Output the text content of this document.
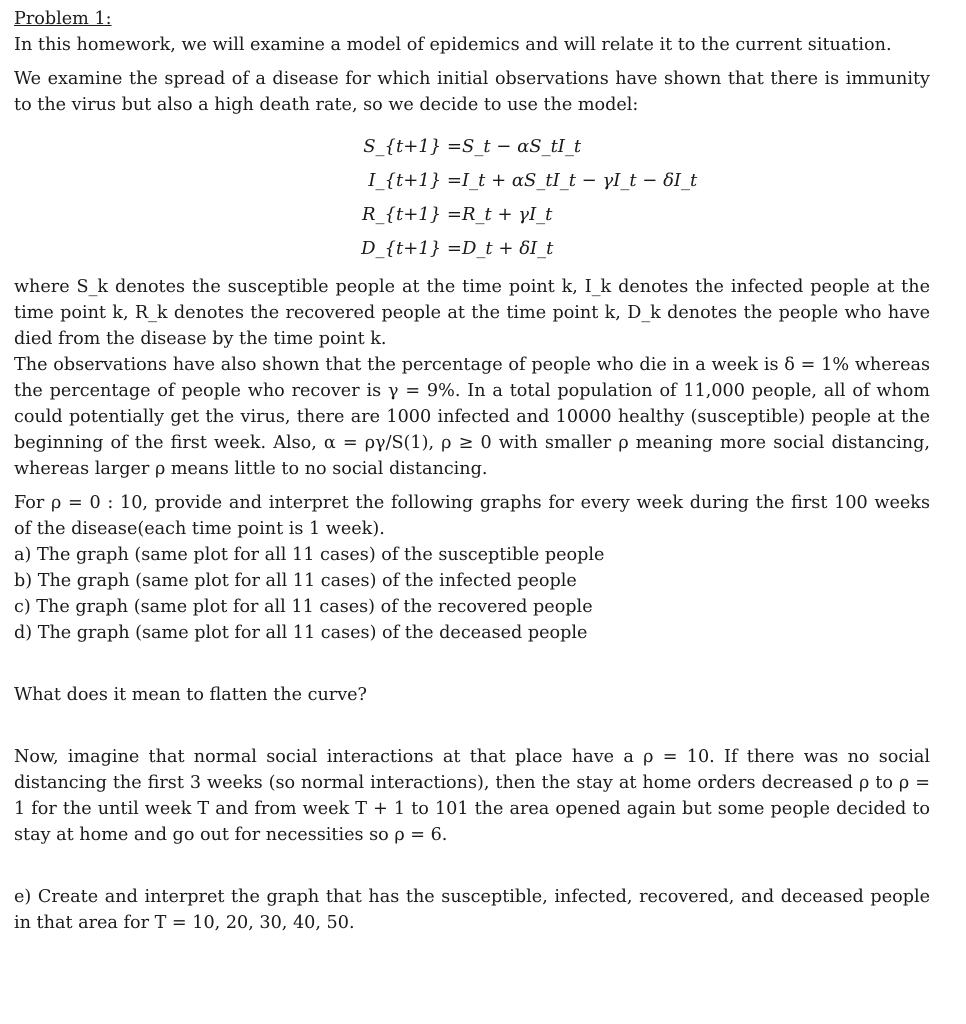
Problem 1:

In this homework, we will examine a model of epidemics and will relate it to the current situation.

We examine the spread of a disease for which initial observations have shown that there is immunity to the virus but also a high death rate, so we decide to use the model:

S_{t+1} = S_t − αS_tI_t
I_{t+1} = I_t + αS_tI_t − γI_t − δI_t
R_{t+1} = R_t + γI_t
D_{t+1} = D_t + δI_t

where S_k denotes the susceptible people at the time point k, I_k denotes the infected people at the time point k, R_k denotes the recovered people at the time point k, D_k denotes the people who have died from the disease by the time point k.

The observations have also shown that the percentage of people who die in a week is δ = 1% whereas the percentage of people who recover is γ = 9%. In a total population of 11,000 people, all of whom could potentially get the virus, there are 1000 infected and 10000 healthy (susceptible) people at the beginning of the first week. Also, α = ργ/S(1), ρ ≥ 0 with smaller ρ meaning more social distancing, whereas larger ρ means little to no social distancing.

For ρ = 0 : 10, provide and interpret the following graphs for every week during the first 100 weeks of the disease(each time point is 1 week).

a) The graph (same plot for all 11 cases) of the susceptible people

b) The graph (same plot for all 11 cases) of the infected people

c) The graph (same plot for all 11 cases) of the recovered people

d) The graph (same plot for all 11 cases) of the deceased people

What does it mean to flatten the curve?

Now, imagine that normal social interactions at that place have a ρ = 10. If there was no social distancing the first 3 weeks (so normal interactions), then the stay at home orders decreased ρ to ρ = 1 for the until week T and from week T + 1 to 101 the area opened again but some people decided to stay at home and go out for necessities so ρ = 6.

e) Create and interpret the graph that has the susceptible, infected, recovered, and deceased people in that area for T = 10, 20, 30, 40, 50.
